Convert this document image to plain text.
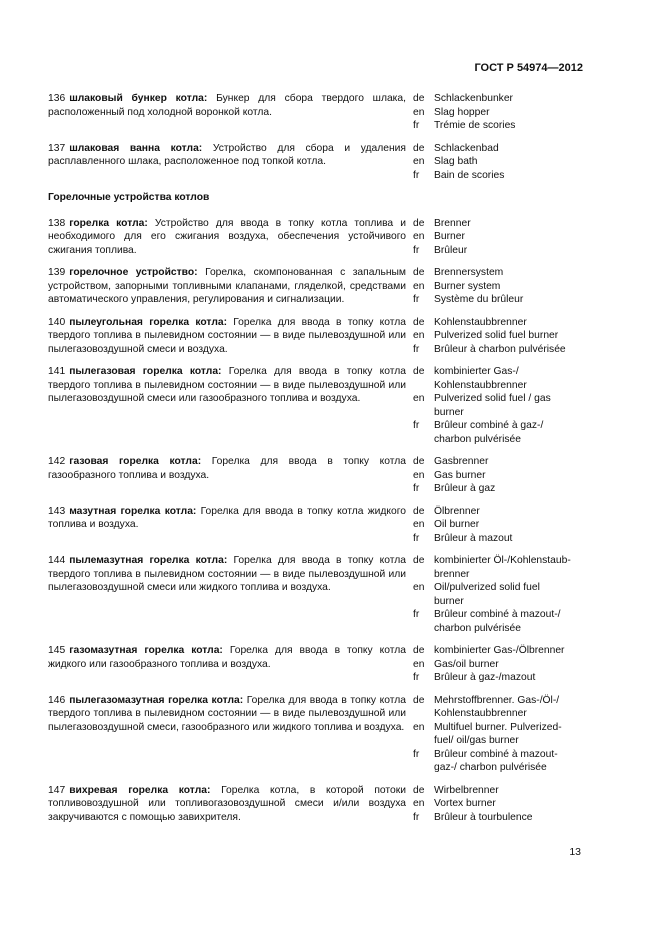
ГОСТ Р 54974—2012
136 шлаковый бункер котла: Бункер для сбора твердого шлака, расположенный под холодной воронкой котла.
de Schlackenbunker
en Slag hopper
fr	Trémie de scories
137 шлаковая ванна котла: Устройство для сбора и удаления расплавленного шлака, расположенное под топкой котла.
de Schlackenbad
en Slag bath
fr	Bain de scories
Горелочные устройства котлов
138 горелка котла: Устройство для ввода в топку котла топлива и необходимого для его сжигания воздуха, обеспечения устойчивого сжигания топлива.
de Brenner
en Burner
fr	Brûleur
139 горелочное устройство: Горелка, скомпонованная с запальным устройством, запорными топливными клапанами, гляделкой, средствами автоматического управления, регулирования и сигнализации.
de Brennersystem
en Burner system
fr	Système du brûleur
140 пылеугольная горелка котла: Горелка для ввода в топку котла твердого топлива в пылевидном состоянии — в виде пылевоздушной или пылегазовоздушной смеси и воздуха.
de Kohlenstaubbrenner
en Pulverized solid fuel burner
fr	Brûleur à charbon pulvérisée
141 пылегазовая горелка котла: Горелка для ввода в топку котла твердого топлива в пылевидном состоянии — в виде пылевоздушной или пылегазовоздушной смеси или газообразного топлива и воздуха.
de kombinierter Gas-/
Kohlenstaubbrenner
en Pulverized solid fuel / gas
burner
fr	Brûleur combiné à gaz-/
charbon pulvérisée
142 газовая горелка котла: Горелка для ввода в топку котла газообразного топлива и воздуха.
de Gasbrenner
en Gas burner
fr	Brûleur à gaz
143 мазутная горелка котла: Горелка для ввода в топку котла жидкого топлива и воздуха.
de Ölbrenner
en Oil burner
fr	Brûleur à mazout
144 пылемазутная горелка котла: Горелка для ввода в топку котла твердого топлива в пылевидном состоянии — в виде пылевоздушной или пылегазовоздушной смеси или жидкого топлива и воздуха.
de kombinierter Öl-/Kohlenstaub-
brenner
en Oil/pulverized solid fuel
burner
fr	Brûleur combiné à mazout-/
charbon pulvérisée
145 газомазутная горелка котла: Горелка для ввода в топку котла жидкого или газообразного топлива и воздуха.
de kombinierter Gas-/Ölbrenner
en Gas/oil burner
fr	Brûleur à gaz-/mazout
146 пылегазомазутная горелка котла: Горелка для ввода в топку котла твердого топлива в пылевидном состоянии — в виде пылевоздушной или пылегазовоздушной смеси, газообразного или жидкого топлива и воздуха.
de Mehrstoffbrenner. Gas-/Öl-/
Kohlenstaubbrenner
en Multifuel burner. Pulverized-
fuel/ oil/gas burner
fr	Brûleur combiné à mazout-
gaz-/ charbon pulvérisée
147 вихревая горелка котла: Горелка котла, в которой потоки топливовоздушной или топливогазовоздушной смеси и/или воздуха закручиваются с помощью завихрителя.
de Wirbelbrenner
en Vortex burner
fr	Brûleur à tourbulence
13
